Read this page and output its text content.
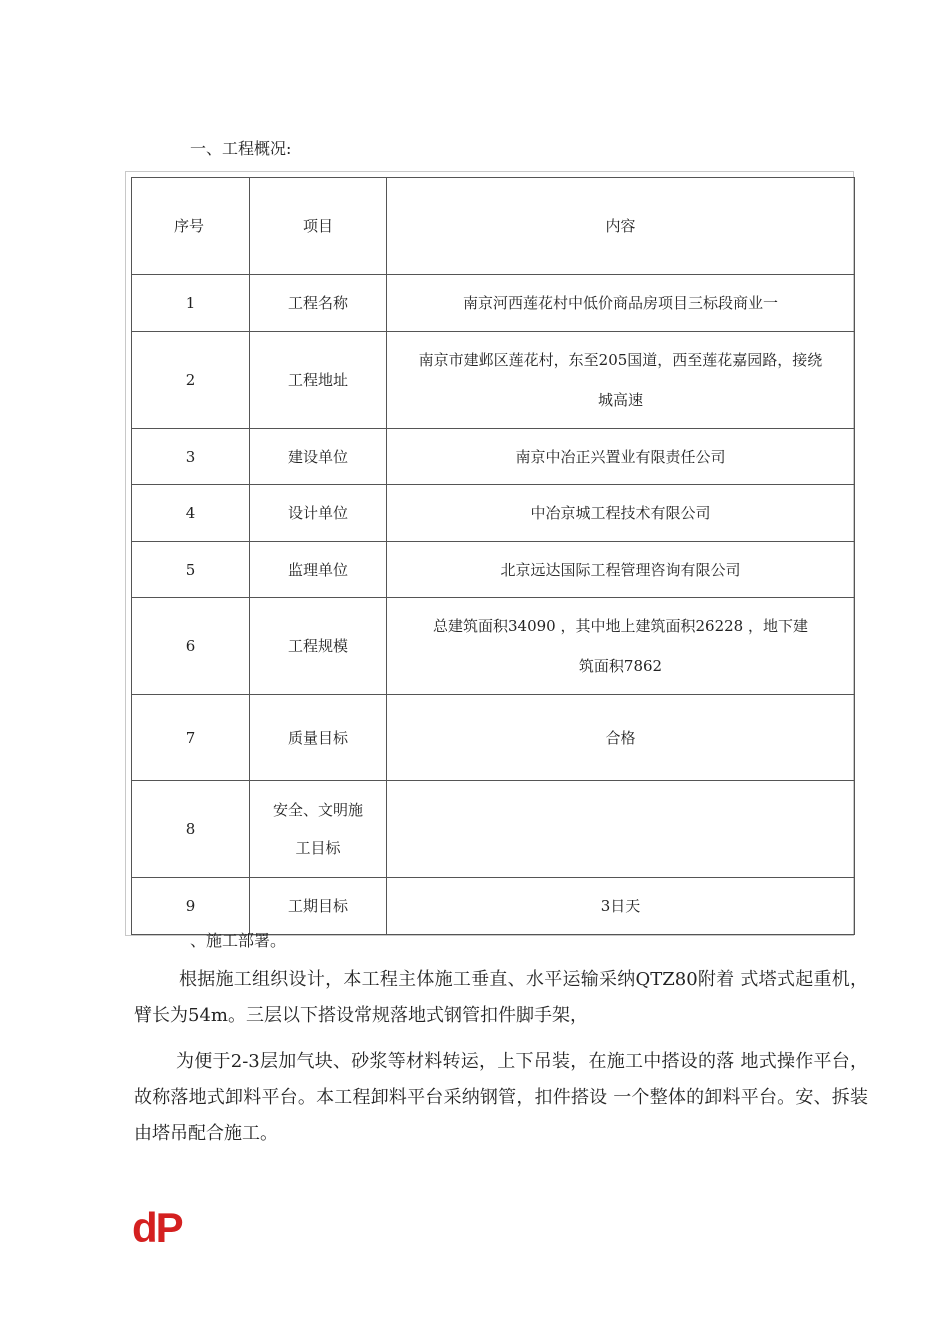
一、工程概况:
序号	项目	内容
1	工程名称	南京河西莲花村中低价商品房项目三标段商业一
2	工程地址	南京市建邺区莲花村，东至205国道，西至莲花嘉园路，接绕城高速
3	建设单位	南京中冶正兴置业有限责任公司
4	设计单位	中冶京城工程技术有限公司
5	监理单位	北京远达国际工程管理咨询有限公司
6	工程规模	总建筑面积34090 ，其中地上建筑面积26228 ，地下建筑面积7862
7	质量目标	合格
8	安全、文明施工目标	
9	工期目标	3日天
、施工部署。
根据施工组织设计，本工程主体施工垂直、水平运输采纳QTZ80附着 式塔式起重机，臂长为54m。三层以下搭设常规落地式钢管扣件脚手架，
为便于2-3层加气块、砂浆等材料转运，上下吊装，在施工中搭设的落 地式操作平台，故称落地式卸料平台。本工程卸料平台采纳钢管，扣件搭设 一个整体的卸料平台。安、拆装由塔吊配合施工。
dP
